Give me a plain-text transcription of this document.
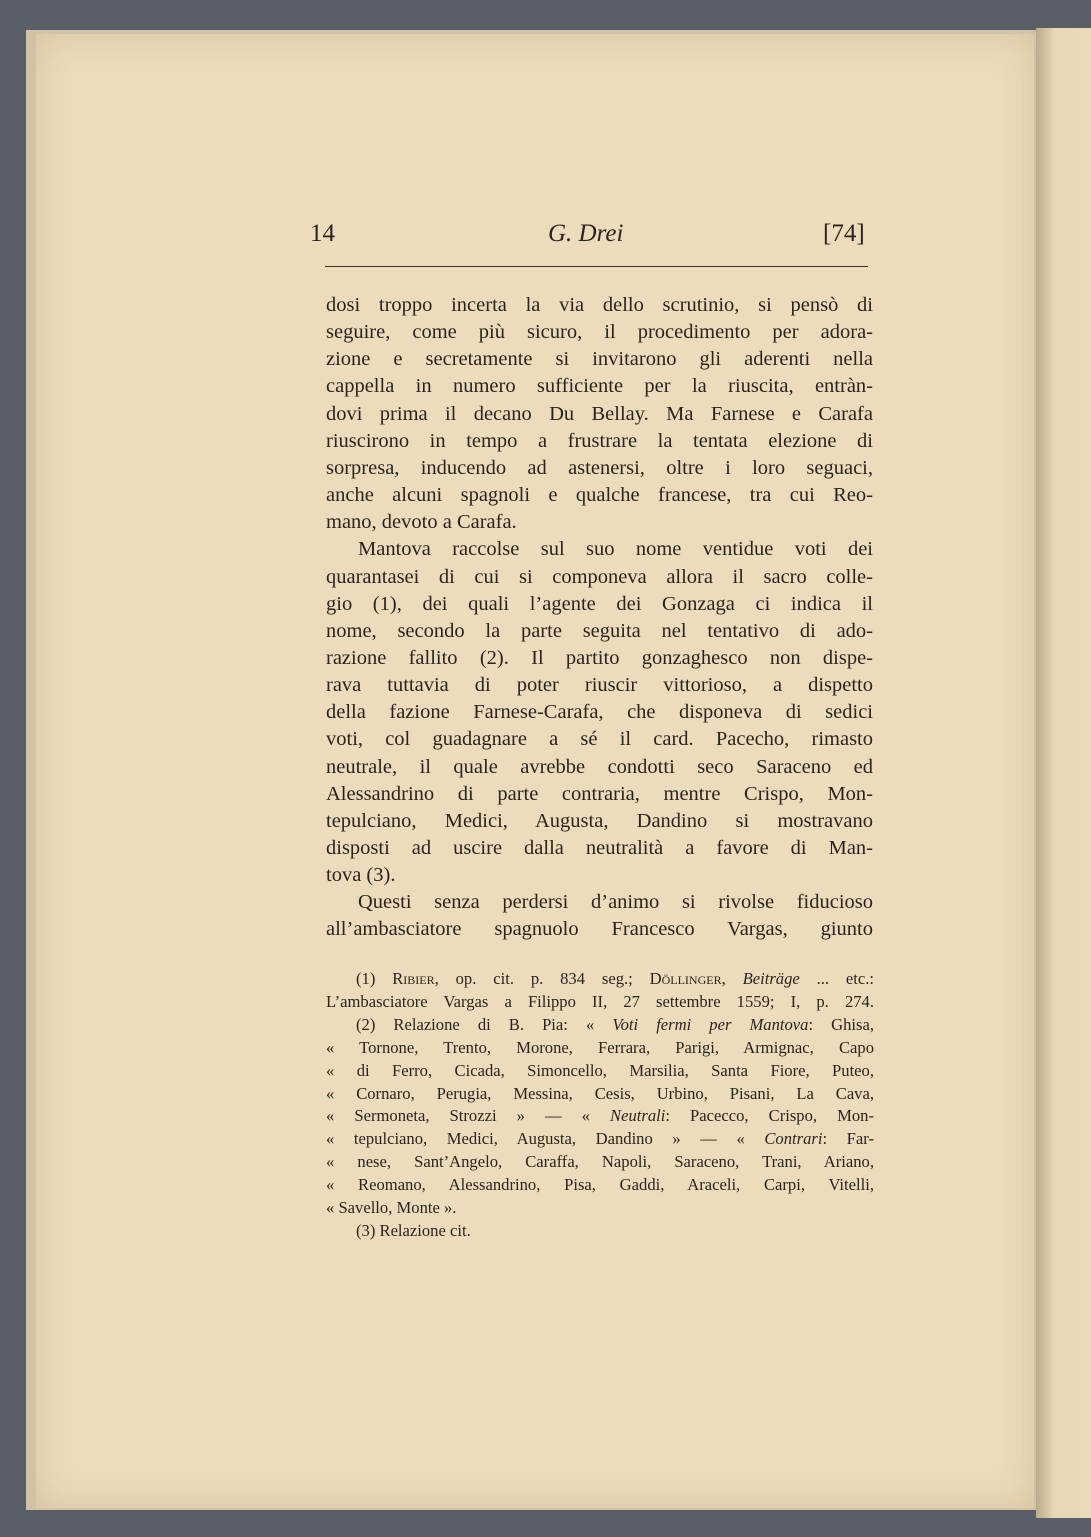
14	G. Drei	[74]
dosi troppo incerta la via dello scrutinio, si pensò di
seguire, come più sicuro, il procedimento per adora-
zione e secretamente si invitarono gli aderenti nella
cappella in numero sufficiente per la riuscita, entràn-
dovi prima il decano Du Bellay. Ma Farnese e Carafa
riuscirono in tempo a frustrare la tentata elezione di
sorpresa, inducendo ad astenersi, oltre i loro seguaci,
anche alcuni spagnoli e qualche francese, tra cui Reo-
mano, devoto a Carafa.
Mantova raccolse sul suo nome ventidue voti dei
quarantasei di cui si componeva allora il sacro colle-
gio (1), dei quali l’agente dei Gonzaga ci indica il
nome, secondo la parte seguita nel tentativo di ado-
razione fallito (2). Il partito gonzaghesco non dispe-
rava tuttavia di poter riuscir vittorioso, a dispetto
della fazione Farnese-Carafa, che disponeva di sedici
voti, col guadagnare a sé il card. Pacecho, rimasto
neutrale, il quale avrebbe condotti seco Saraceno ed
Alessandrino di parte contraria, mentre Crispo, Mon-
tepulciano, Medici, Augusta, Dandino si mostravano
disposti ad uscire dalla neutralità a favore di Man-
tova (3).
Questi senza perdersi d’animo si rivolse fiducioso
all’ambasciatore spagnuolo Francesco Vargas, giunto
(1) Ribier, op. cit. p. 834 seg.; Döllinger, Beiträge ... etc.:
L’ambasciatore Vargas a Filippo II, 27 settembre 1559; I, p. 274.
(2) Relazione di B. Pia: « Voti fermi per Mantova: Ghisa,
« Tornone, Trento, Morone, Ferrara, Parigi, Armignac, Capo
« di Ferro, Cicada, Simoncello, Marsilia, Santa Fiore, Puteo,
« Cornaro, Perugia, Messina, Cesis, Urbino, Pisani, La Cava,
« Sermoneta, Strozzi » — « Neutrali: Pacecco, Crispo, Mon-
« tepulciano, Medici, Augusta, Dandino » — « Contrari: Far-
« nese, Sant’Angelo, Caraffa, Napoli, Saraceno, Trani, Ariano,
« Reomano, Alessandrino, Pisa, Gaddi, Araceli, Carpi, Vitelli,
« Savello, Monte ».
(3) Relazione cit.
